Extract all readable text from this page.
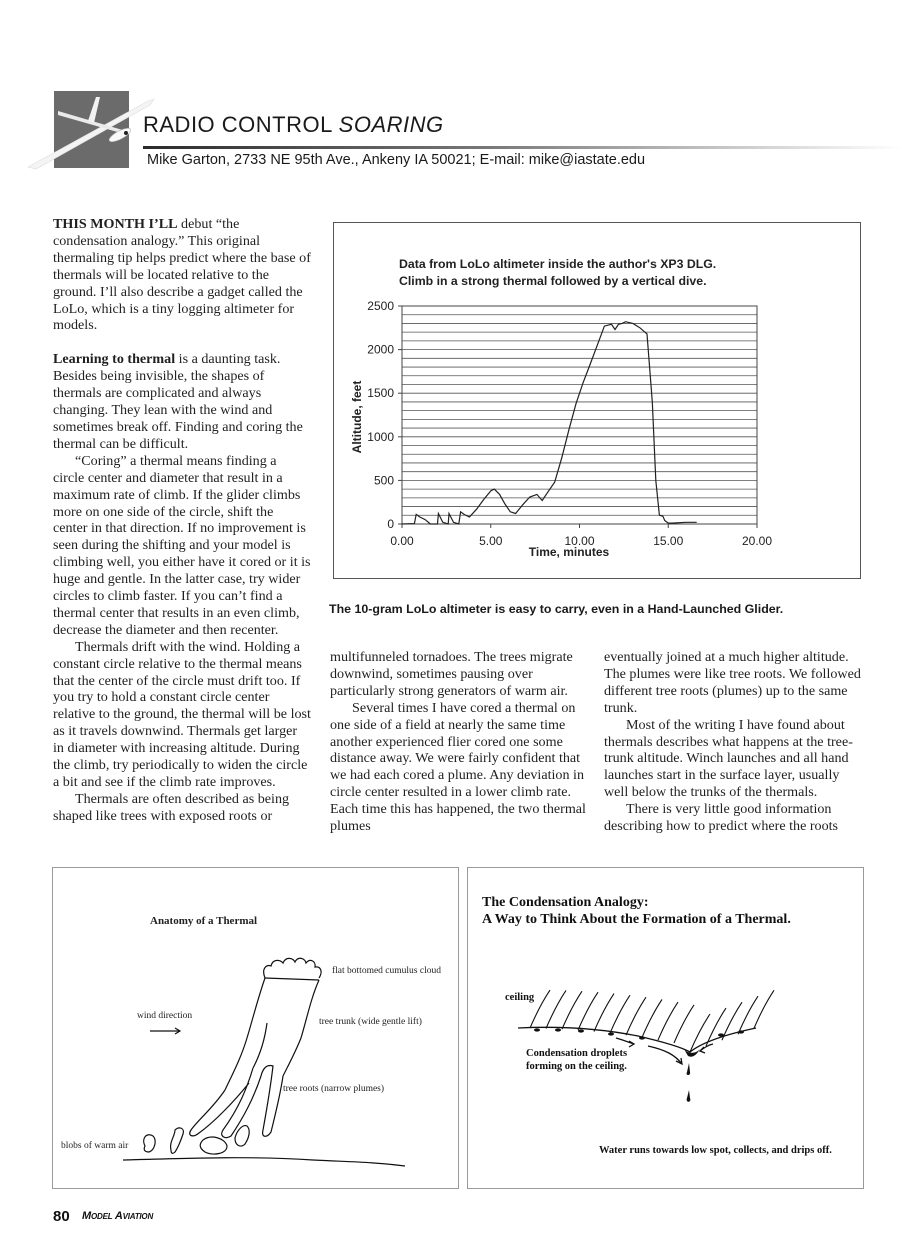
RADIO CONTROL SOARING
Mike Garton, 2733 NE 95th Ave., Ankeny IA 50021; E-mail: mike@iastate.edu

THIS MONTH I’LL debut “the condensation analogy.” This original thermaling tip helps predict where the base of thermals will be located relative to the ground. I’ll also describe a gadget called the LoLo, which is a tiny logging altimeter for models.

Learning to thermal is a daunting task. Besides being invisible, the shapes of thermals are complicated and always changing. They lean with the wind and sometimes break off. Finding and coring the thermal can be difficult.

“Coring” a thermal means finding a circle center and diameter that result in a maximum rate of climb. If the glider climbs more on one side of the circle, shift the center in that direction. If no improvement is seen during the shifting and your model is climbing well, you either have it cored or it is huge and gentle. In the latter case, try wider circles to climb faster. If you can’t find a thermal center that results in an even climb, decrease the diameter and then recenter.

Thermals drift with the wind. Holding a constant circle relative to the thermal means that the center of the circle must drift too. If you try to hold a constant circle center relative to the ground, the thermal will be lost as it travels downwind. Thermals get larger in diameter with increasing altitude. During the climb, try periodically to widen the circle a bit and see if the climb rate improves.

Thermals are often described as being shaped like trees with exposed roots or

Data from LoLo altimeter inside the author's XP3 DLG.
Climb in a strong thermal followed by a vertical dive.
0
500
1000
1500
2000
2500
0.00	5.00	10.00	15.00	20.00
Altitude, feet
Time, minutes
The 10-gram LoLo altimeter is easy to carry, even in a Hand-Launched Glider.

multifunneled tornadoes. The trees migrate downwind, sometimes pausing over particularly strong generators of warm air.

Several times I have cored a thermal on one side of a field at nearly the same time another experienced flier cored one some distance away. We were fairly confident that we had each cored a plume. Any deviation in circle center resulted in a lower climb rate. Each time this has happened, the two thermal plumes

eventually joined at a much higher altitude. The plumes were like tree roots. We followed different tree roots (plumes) up to the same trunk.

Most of the writing I have found about thermals describes what happens at the tree-trunk altitude. Winch launches and all hand launches start in the surface layer, usually well below the trunks of the thermals.

There is very little good information describing how to predict where the roots

Anatomy of a Thermal
flat bottomed cumulus cloud
wind direction
tree trunk (wide gentle lift)
tree roots (narrow plumes)
blobs of warm air
The Condensation Analogy:
A Way to Think About the Formation of a Thermal.
ceiling
Condensation droplets
forming on the ceiling.
Water runs towards low spot, collects, and drips off.
80 Model Aviation
